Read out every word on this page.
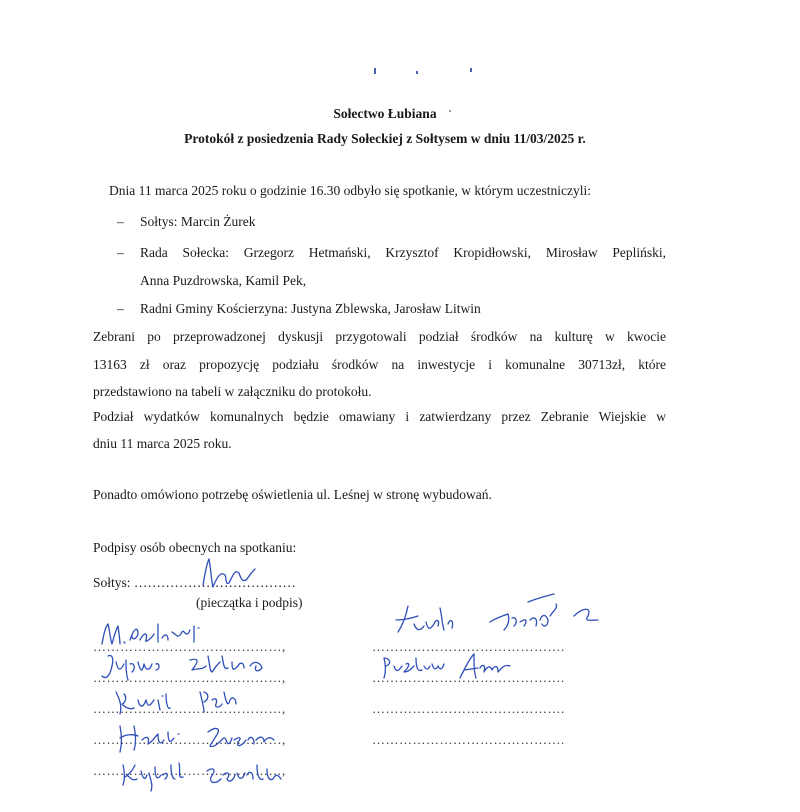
Sołectwo Łubiana
Protokół z posiedzenia Rady Sołeckiej z Sołtysem w dniu 11/03/2025 r.
Dnia 11 marca 2025 roku o godzinie 16.30 odbyło się spotkanie, w którym uczestniczyli:
– Sołtys: Marcin Żurek
– Rada Sołecka: Grzegorz Hetmański, Krzysztof Kropidłowski, Mirosław Pepliński,
Anna Puzdrowska, Kamil Pek,
– Radni Gminy Kościerzyna: Justyna Zblewska, Jarosław Litwin
Zebrani po przeprowadzonej dyskusji przygotowali podział środków na kulturę w kwocie
13163 zł oraz propozycję podziału środków na inwestycje i komunalne 30713zł, które
przedstawiono na tabeli w załączniku do protokołu.
Podział wydatków komunalnych będzie omawiany i zatwierdzany przez Zebranie Wiejskie w
dniu 11 marca 2025 roku.
Ponadto omówiono potrzebę oświetlenia ul. Leśnej w stronę wybudowań.
Podpisy osób obecnych na spotkaniu:
Sołtys: ………………………………
(pieczątka i podpis)
……………………………………,
……………………………………,
……………………………………,
……………………………………,
……………………………………,
…………………………………….
…………………………………….
…………………………………….
…………………………………….
